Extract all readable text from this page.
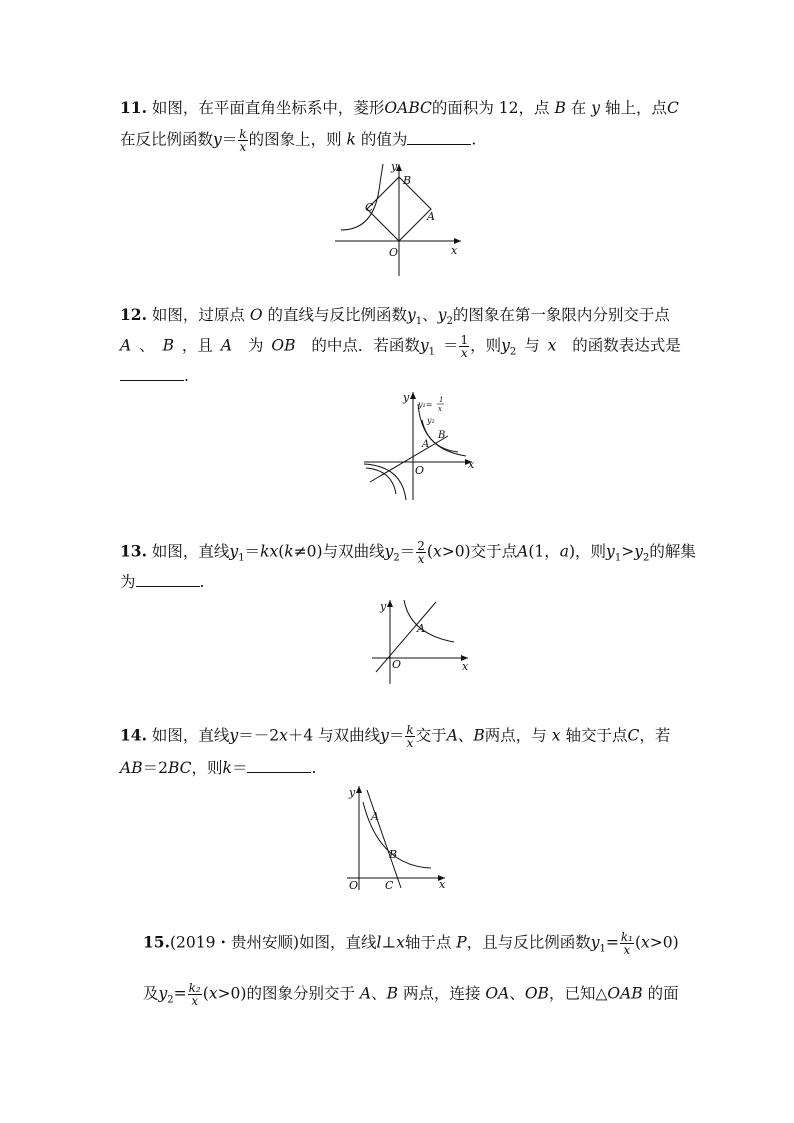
11. 如图，在平面直角坐标系中，菱形OABC的面积为 12，点 B 在 y 轴上，点C
在反比例函数$y= \frac{k}{x}$ 的图象上，则 k 的值为	.
y
x
O
A
B
C
12. 如图，过原点 O 的直线与反比例函数$y_1$、$y_2$的图象在第一象限内分别交于点
A 、 B ，且 A 为 OB 的中点．若函数$y_1 = \frac{1}{x}$ ，则$y_2$ 与 x 的函数表达式是
.
y
x
O
A
B
y₁= 1
x
y₂
13. 如图，直线$y_1=kx(k\ne 0)$与双曲线$y_2= \frac{2}{x} (x>0)$交于点A(1，a)，则$y_1>y_2$的解集
为	.
y
x
O
A
14. 如图，直线y＝－2x＋4 与双曲线$y= \frac{k}{x}$ 交于A、B两点，与 x 轴交于点C，若
AB＝2BC，则k＝	.
y
x
O
A
B
C
15.(2019・贵州安顺)如图，直线l⊥x轴于点 P，且与反比例函数$y_1= \frac{\text{k₁}}{x} (x>0)$
及$y_2= \frac{\text{k₂}}{x} (x>0)$的图象分别交于 A、B 两点，连接 OA、OB，已知△OAB 的面
